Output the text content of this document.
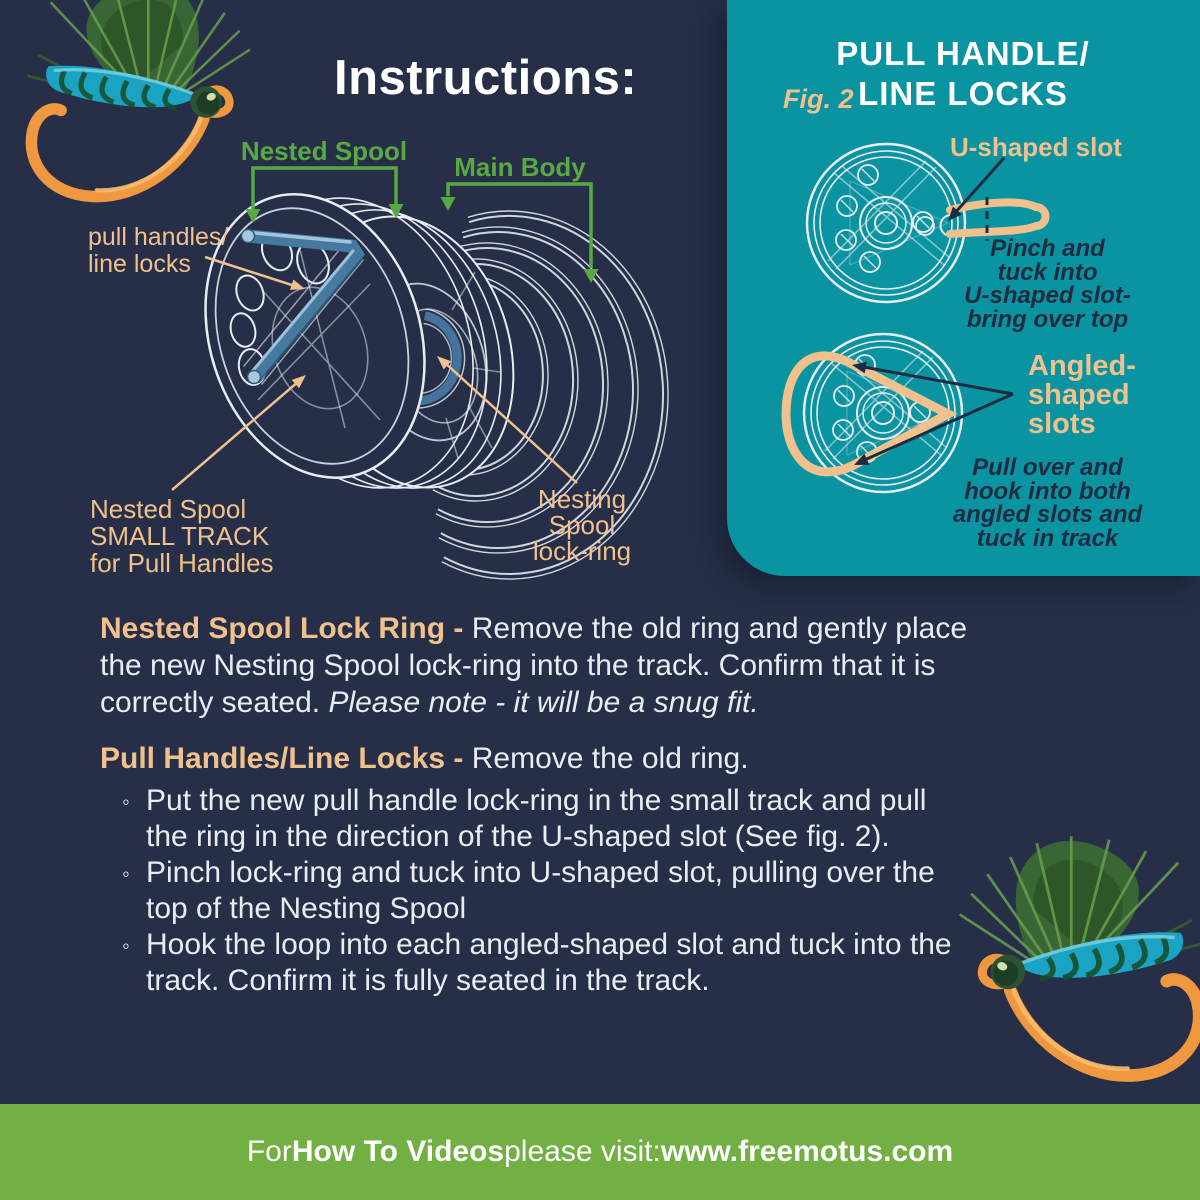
For How To Videos please visit: www.freemotus.com
Instructions:
Nested Spool
Main Body
pull handles/
line locks
Nested Spool
SMALL TRACK
for Pull Handles
Nesting
Spool
lock-ring
PULL HANDLE/
LINE LOCKS
Fig. 2
U-shaped slot
Pinch and
tuck into
U-shaped slot-
bring over top
Angled-
shaped
slots
Pull over and
hook into both
angled slots and
tuck in track
Nested Spool Lock Ring - Remove the old ring and gently place the new Nesting Spool lock-ring into the track. Confirm that it is correctly seated. Please note - it will be a snug fit.
Pull Handles/Line Locks - Remove the old ring.
◦ Put the new pull handle lock-ring in the small track and pull the ring in the direction of the U-shaped slot (See fig. 2).
◦ Pinch lock-ring and tuck into U-shaped slot, pulling over the top of the Nesting Spool
◦ Hook the loop into each angled-shaped slot and tuck into the track. Confirm it is fully seated in the track.
